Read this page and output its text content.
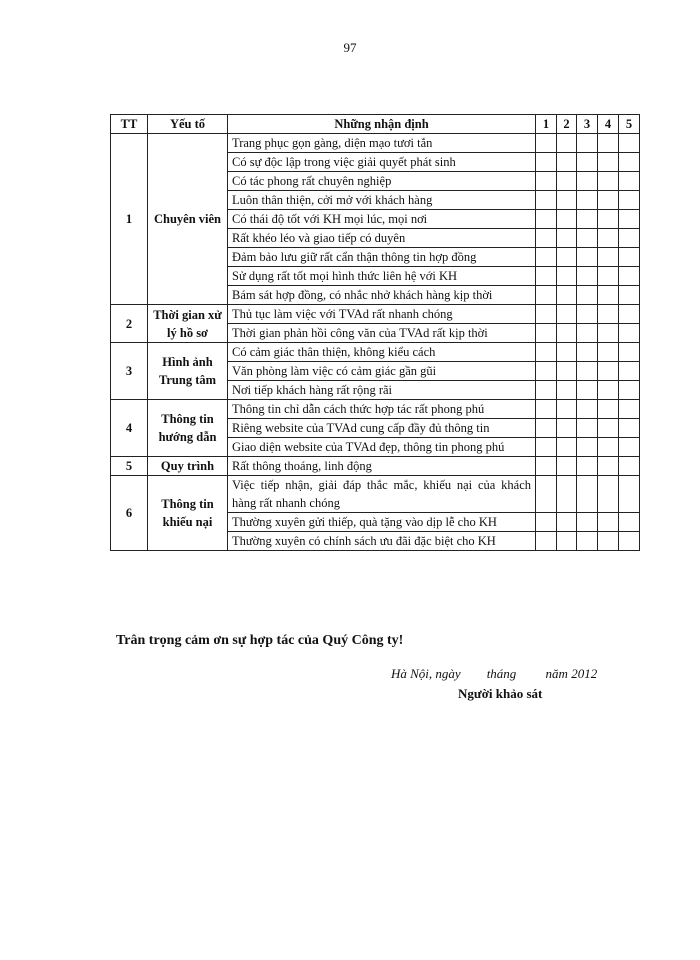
97
TT	Yếu tố	Những nhận định	1	2	3	4	5
1	Chuyên viên	Trang phục gọn gàng, diện mạo tươi tắn					
		Có sự độc lập trong việc giải quyết phát sinh					
		Có tác phong rất chuyên nghiệp					
		Luôn thân thiện, cởi mở với khách hàng					
		Có thái độ tốt với KH mọi lúc, mọi nơi					
		Rất khéo léo và giao tiếp có duyên					
		Đảm bảo lưu giữ rất cẩn thận thông tin hợp đồng					
		Sử dụng rất tốt mọi hình thức liên hệ với KH					
		Bám sát hợp đồng, có nhắc nhở khách hàng kịp thời					
2	Thời gian xử lý hồ sơ	Thủ tục làm việc với TVAd rất nhanh chóng					
		Thời gian phản hồi công văn của TVAd rất kịp thời					
3	Hình ảnh Trung tâm	Có cảm giác thân thiện, không kiểu cách					
		Văn phòng làm việc có cảm giác gần gũi					
		Nơi tiếp khách hàng rất rộng rãi					
4	Thông tin hướng dẫn	Thông tin chỉ dẫn cách thức hợp tác rất phong phú					
		Riêng website của TVAd cung cấp đầy đủ thông tin					
		Giao diện website của TVAd đẹp, thông tin phong phú					
5	Quy trình	Rất thông thoáng, linh động					
6	Thông tin khiếu nại	Việc tiếp nhận, giải đáp thắc mắc, khiếu nại của khách hàng rất nhanh chóng					
		Thường xuyên gửi thiếp, quà tặng vào dịp lễ cho KH					
		Thường xuyên có chính sách ưu đãi đặc biệt cho KH					
Trân trọng cảm ơn sự hợp tác của Quý Công ty!
Hà Nội, ngày        tháng         năm 2012
Người khảo sát
